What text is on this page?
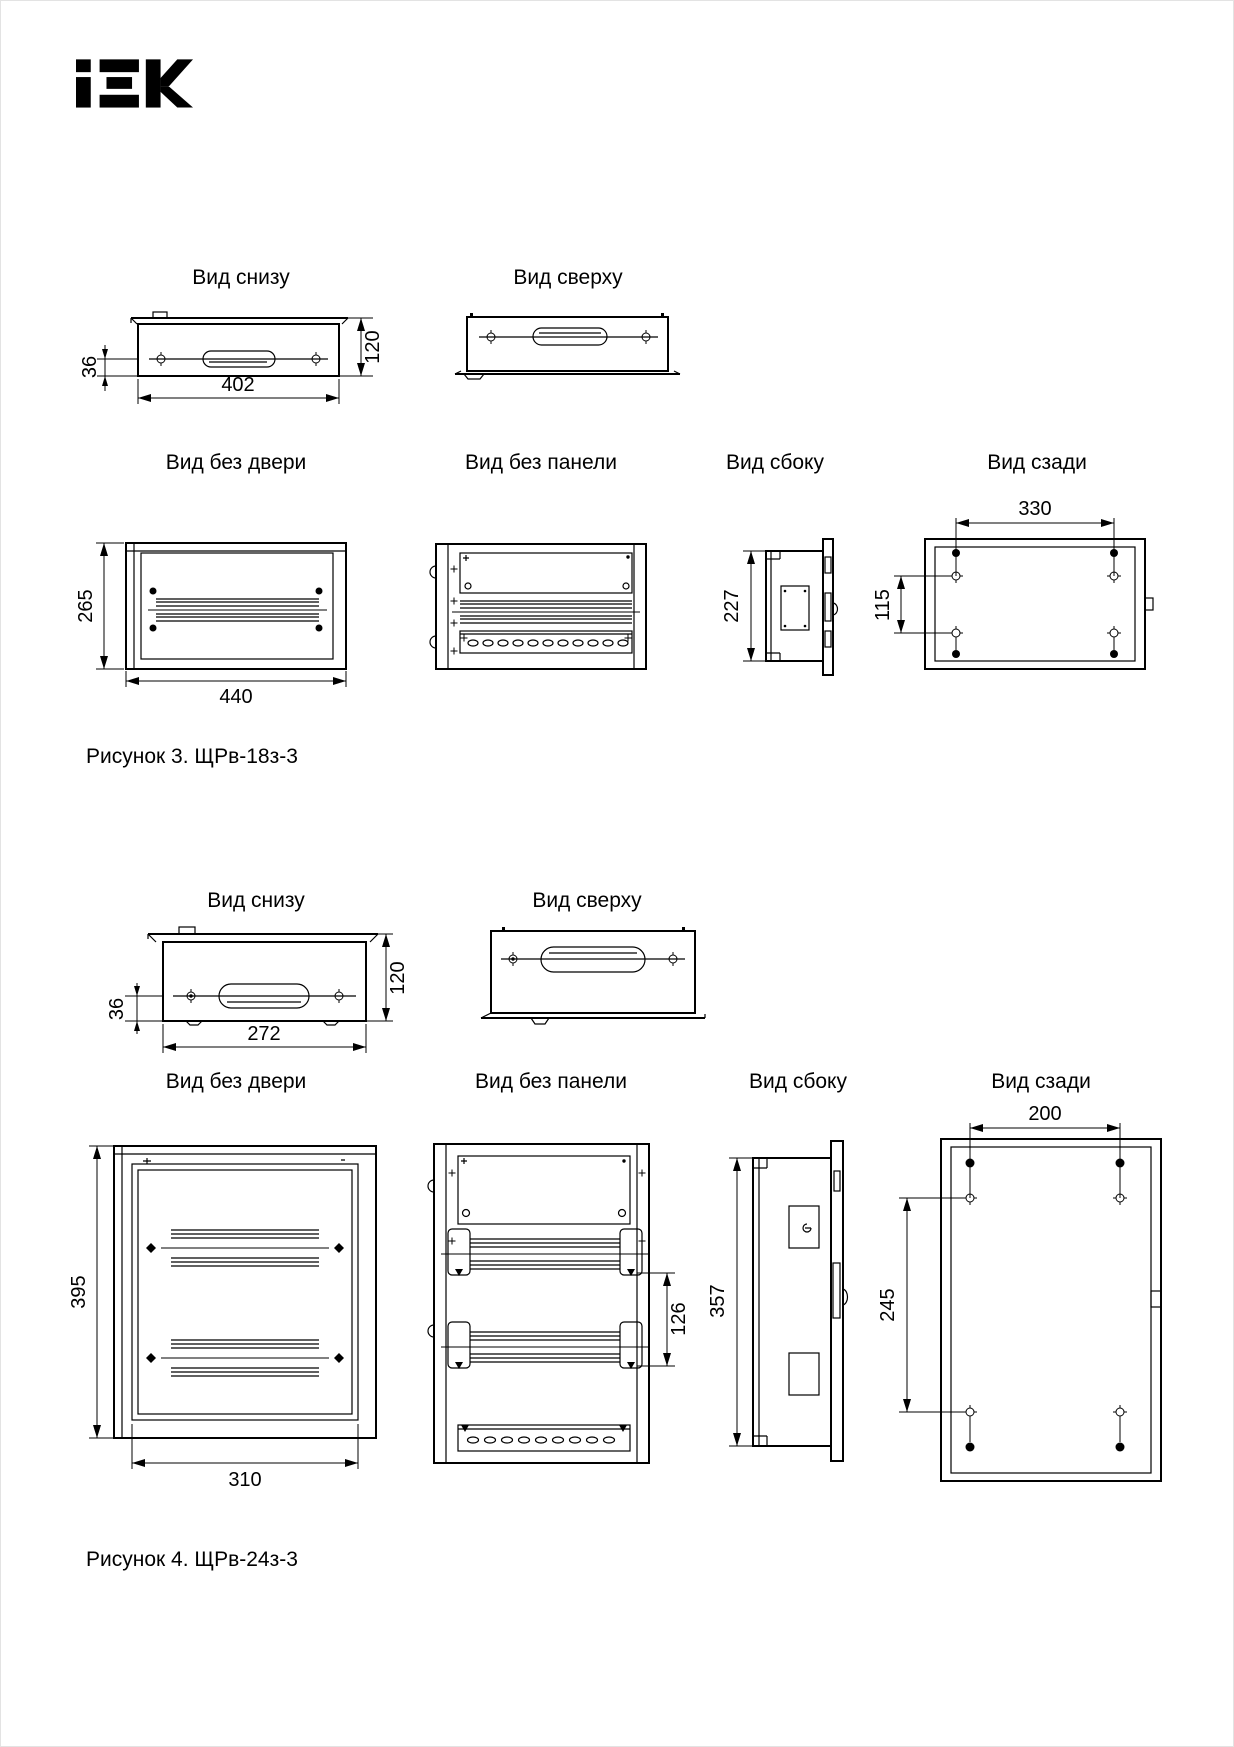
Вид снизу	Вид сверху
Вид без двери	Вид без панели	Вид сбоку	Вид сзади
Рисунок 3. ЩРв-18з-3
Вид снизу	Вид сверху
Вид без двери	Вид без панели	Вид сбоку	Вид сзади
Рисунок 4. ЩРв-24з-3
36
120
402
265
440
227
330
115
36
120
272
395
310
126
357
200
245
